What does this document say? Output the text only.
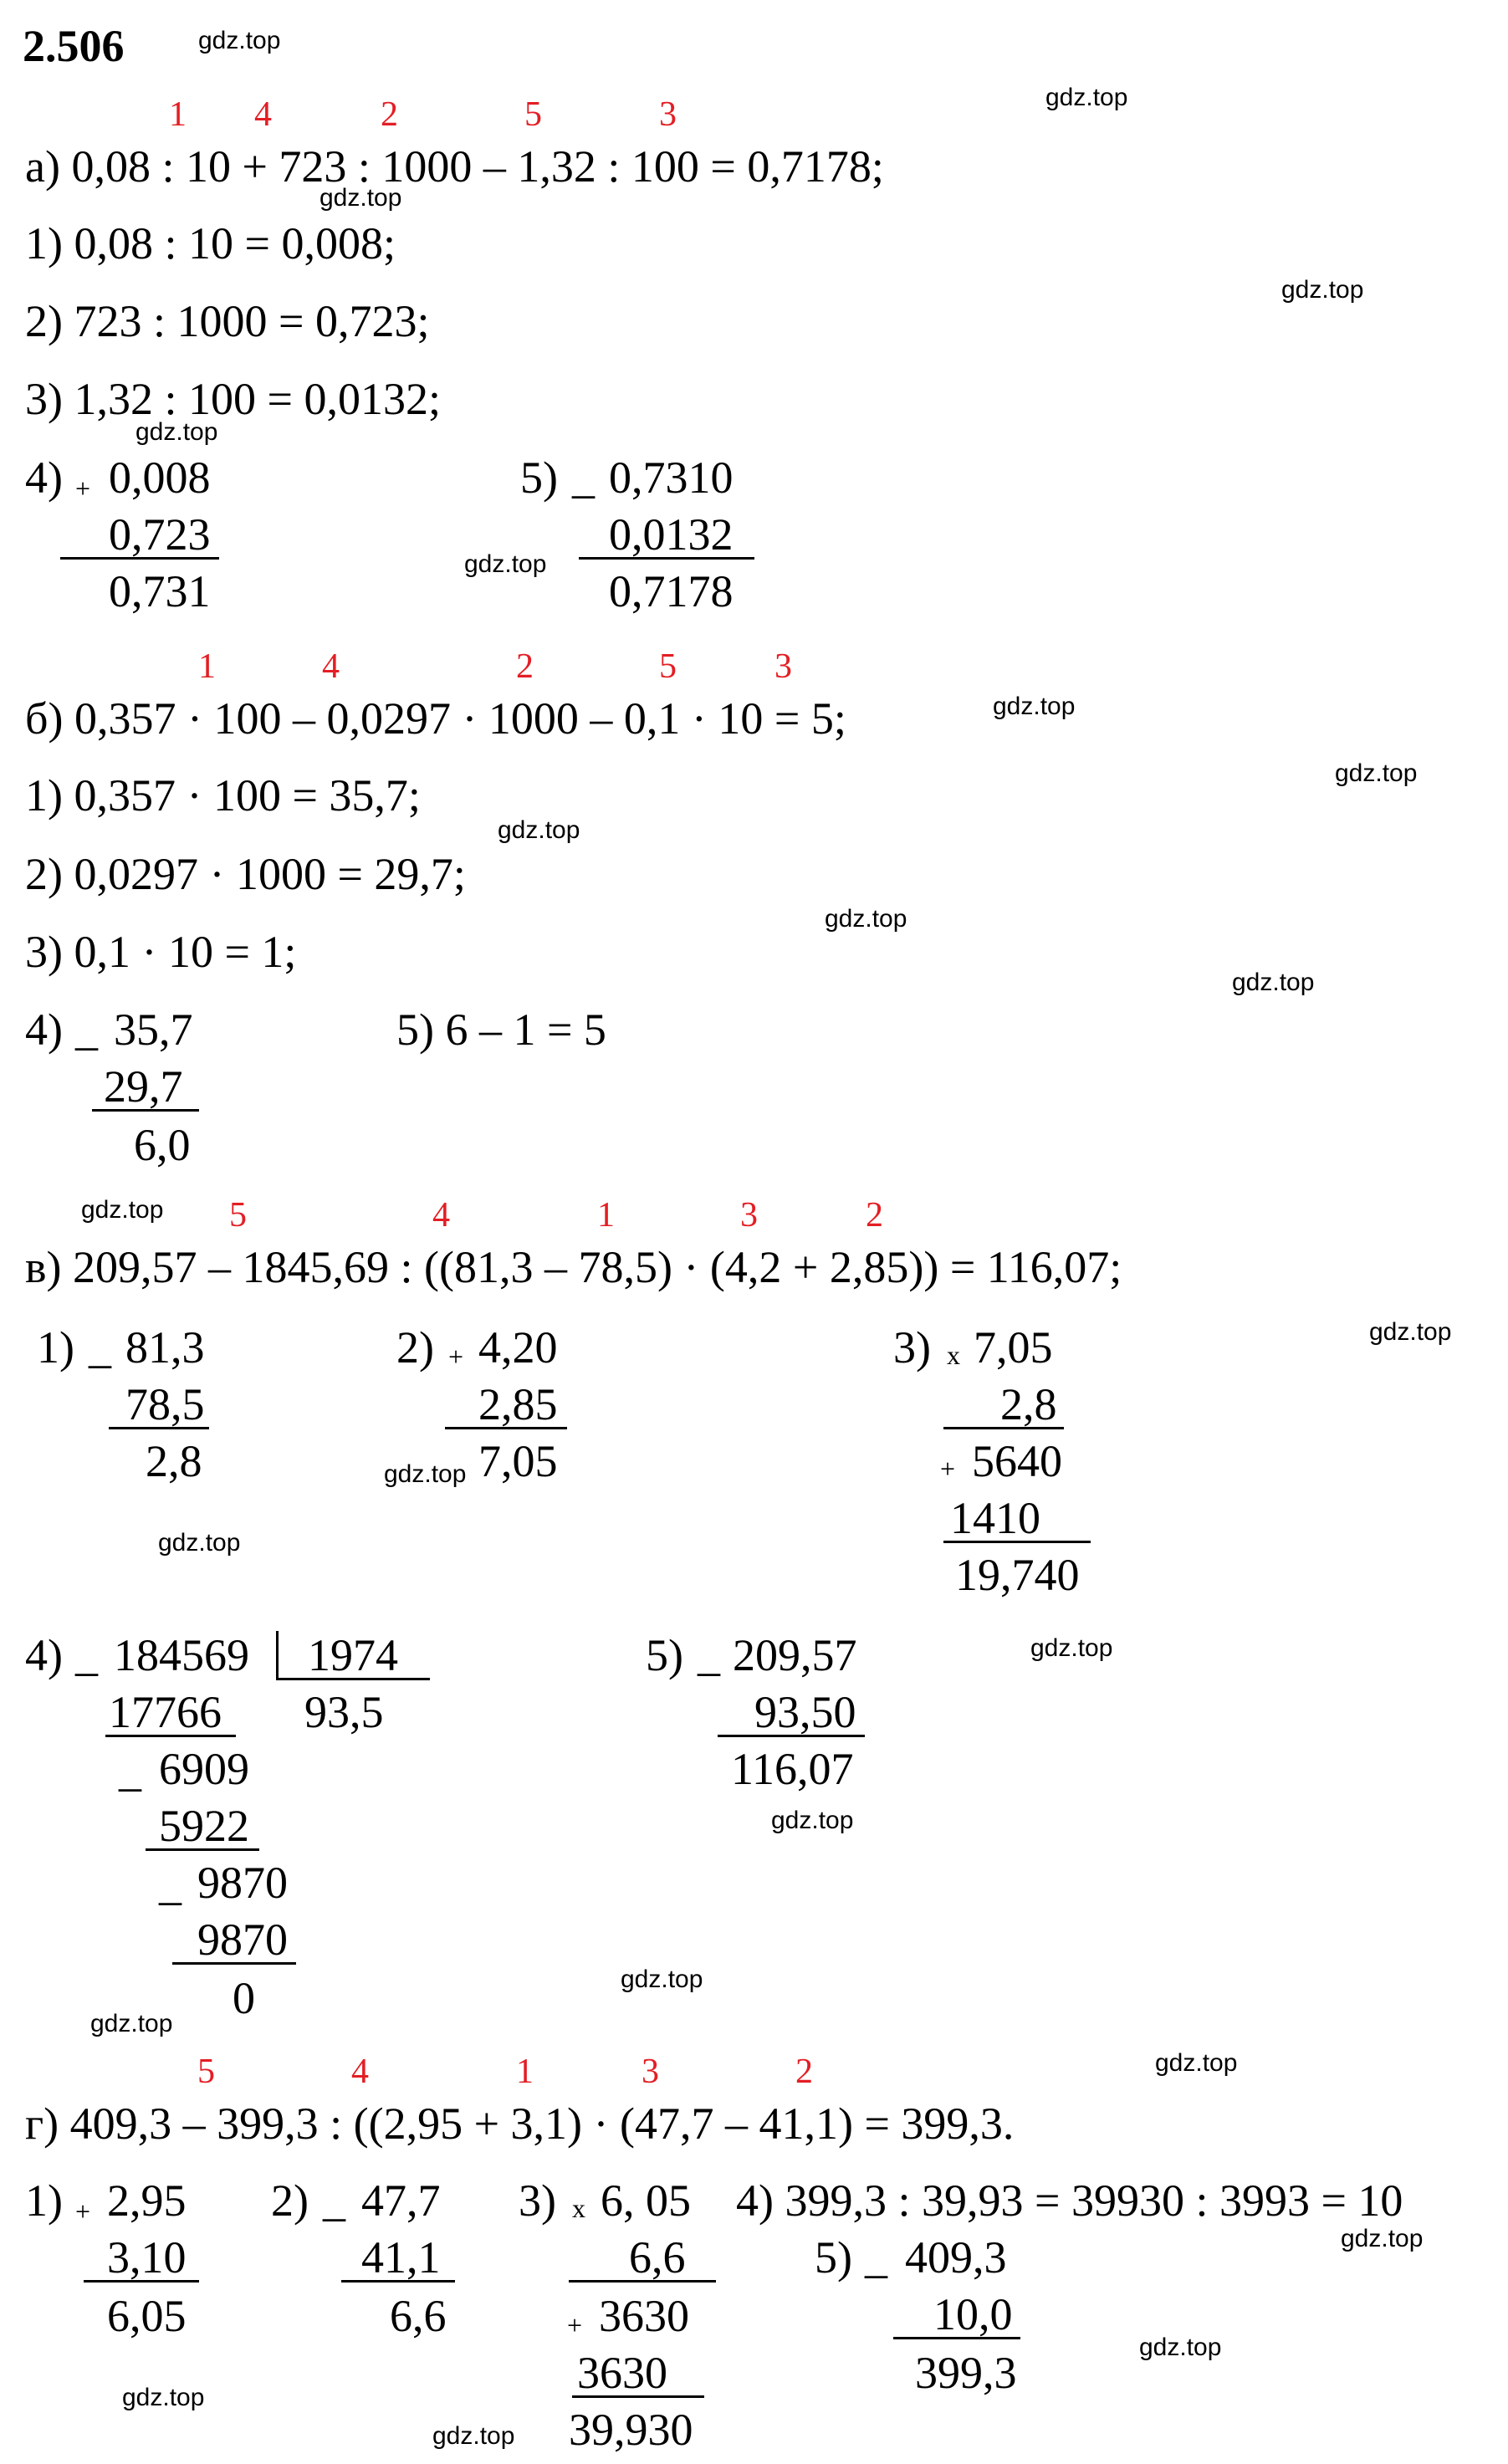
2.506	gdz.top
gdz.top
gdz.top
gdz.top
gdz.top
gdz.top
gdz.top
gdz.top
gdz.top
gdz.top
gdz.top
gdz.top
gdz.top
gdz.top
gdz.top
gdz.top
gdz.top
gdz.top
gdz.top
gdz.top
gdz.top
gdz.top
gdz.top
gdz.top
1 4	2	5	3
а) 0,08 : 10 + 723 : 1000 – 1,32 : 100 = 0,7178;
1) 0,08 : 10 = 0,008;
2) 723 : 1000 = 0,723;
3) 1,32 : 100 = 0,0132;
4) + 0,008
0,723
0,731
5) _ 0,7310
0,0132
0,7178
1	4	2	5	3
б) 0,357 · 100 – 0,0297 · 1000 – 0,1 · 10 = 5;
1) 0,357 · 100 = 35,7;
2) 0,0297 · 1000 = 29,7;
3) 0,1 · 10 = 1;
4) _ 35,7
29,7
6,0
5) 6 – 1 = 5
5	4	1	3	2
в) 209,57 – 1845,69 : ((81,3 – 78,5) · (4,2 + 2,85)) = 116,07;
1) _ 81,3
78,5
2,8
2) + 4,20
2,85
7,05
3) x 7,05
2,8
+ 5640
1410
19,740
4) _ 184569 1974
93,5
17766
_ 6909
5922
_ 9870
9870
0
5) _ 209,57
93,50
116,07
5	4	1	3	2
г) 409,3 – 399,3 : ((2,95 + 3,1) · (47,7 – 41,1) = 399,3.
1) + 2,95
3,10
6,05
2) _ 47,7
41,1
6,6
3) x 6, 05
6,6
+ 3630
3630
39,930
4) 399,3 : 39,93 = 39930 : 3993 = 10
5) _ 409,3
10,0
399,3
